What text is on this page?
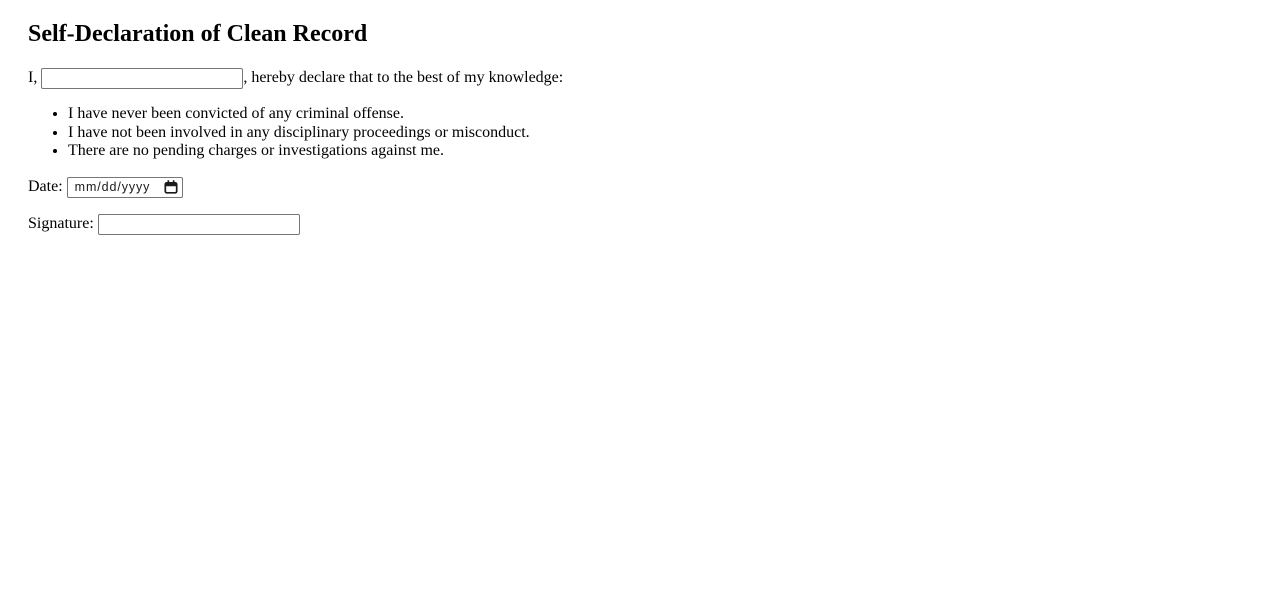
Self-Declaration of Clean Record

I,	, hereby declare that to the best of my knowledge:

• I have never been convicted of any criminal offense.
• I have not been involved in any disciplinary proceedings or misconduct.
• There are no pending charges or investigations against me.

Date: mm/dd/yyyy

Signature:
